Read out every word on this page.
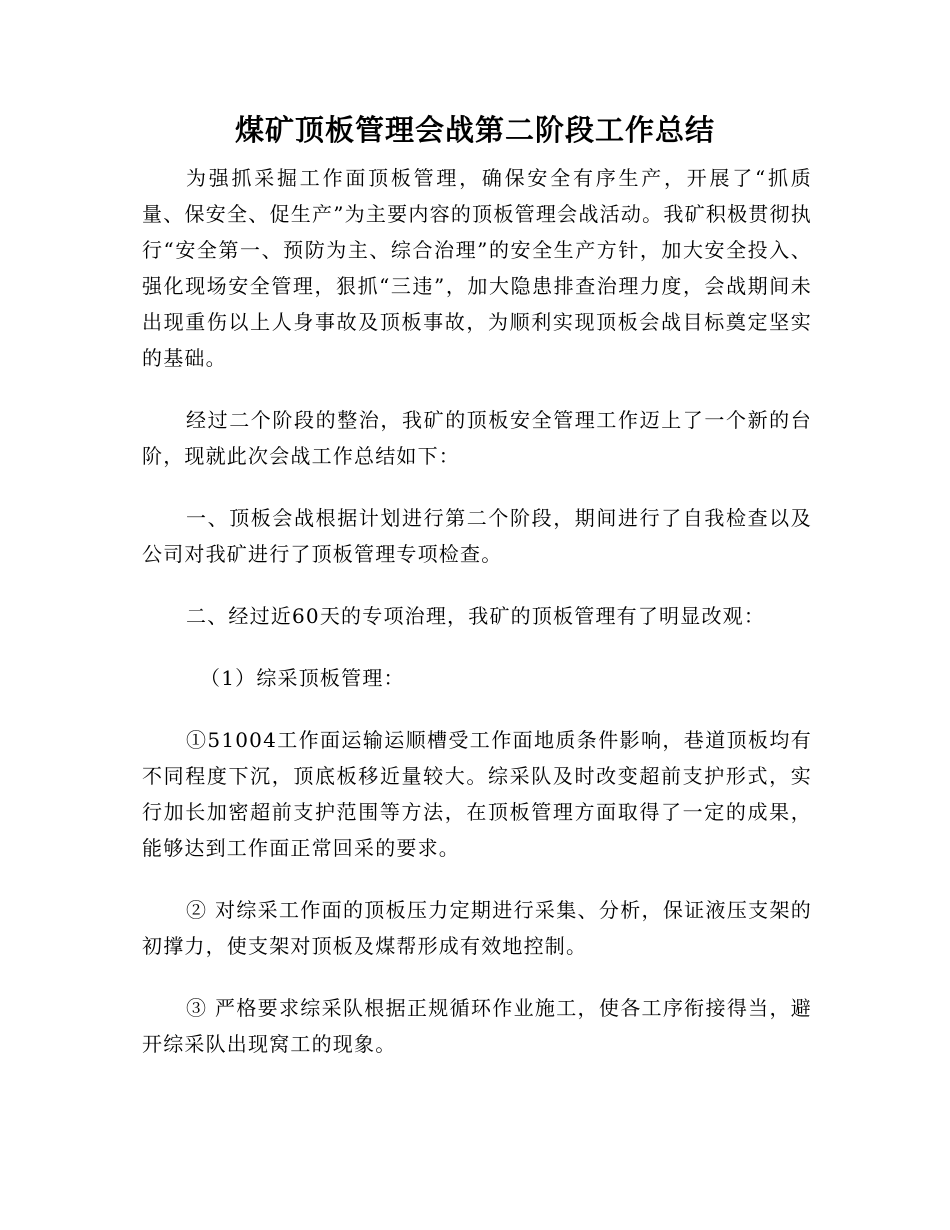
煤矿顶板管理会战第二阶段工作总结

为强抓采掘工作面顶板管理，确保安全有序生产，开展了“抓质量、保安全、促生产”为主要内容的顶板管理会战活动。我矿积极贯彻执行“安全第一、预防为主、综合治理”的安全生产方针，加大安全投入、强化现场安全管理，狠抓“三违”，加大隐患排查治理力度，会战期间未出现重伤以上人身事故及顶板事故，为顺利实现顶板会战目标奠定坚实的基础。

经过二个阶段的整治，我矿的顶板安全管理工作迈上了一个新的台阶，现就此次会战工作总结如下：

一、顶板会战根据计划进行第二个阶段，期间进行了自我检查以及公司对我矿进行了顶板管理专项检查。

二、经过近60天的专项治理，我矿的顶板管理有了明显改观：

（1）综采顶板管理：

①51004工作面运输运顺槽受工作面地质条件影响，巷道顶板均有不同程度下沉，顶底板移近量较大。综采队及时改变超前支护形式，实行加长加密超前支护范围等方法，在顶板管理方面取得了一定的成果，能够达到工作面正常回采的要求。

② 对综采工作面的顶板压力定期进行采集、分析，保证液压支架的初撑力，使支架对顶板及煤帮形成有效地控制。

③ 严格要求综采队根据正规循环作业施工，使各工序衔接得当，避开综采队出现窝工的现象。
